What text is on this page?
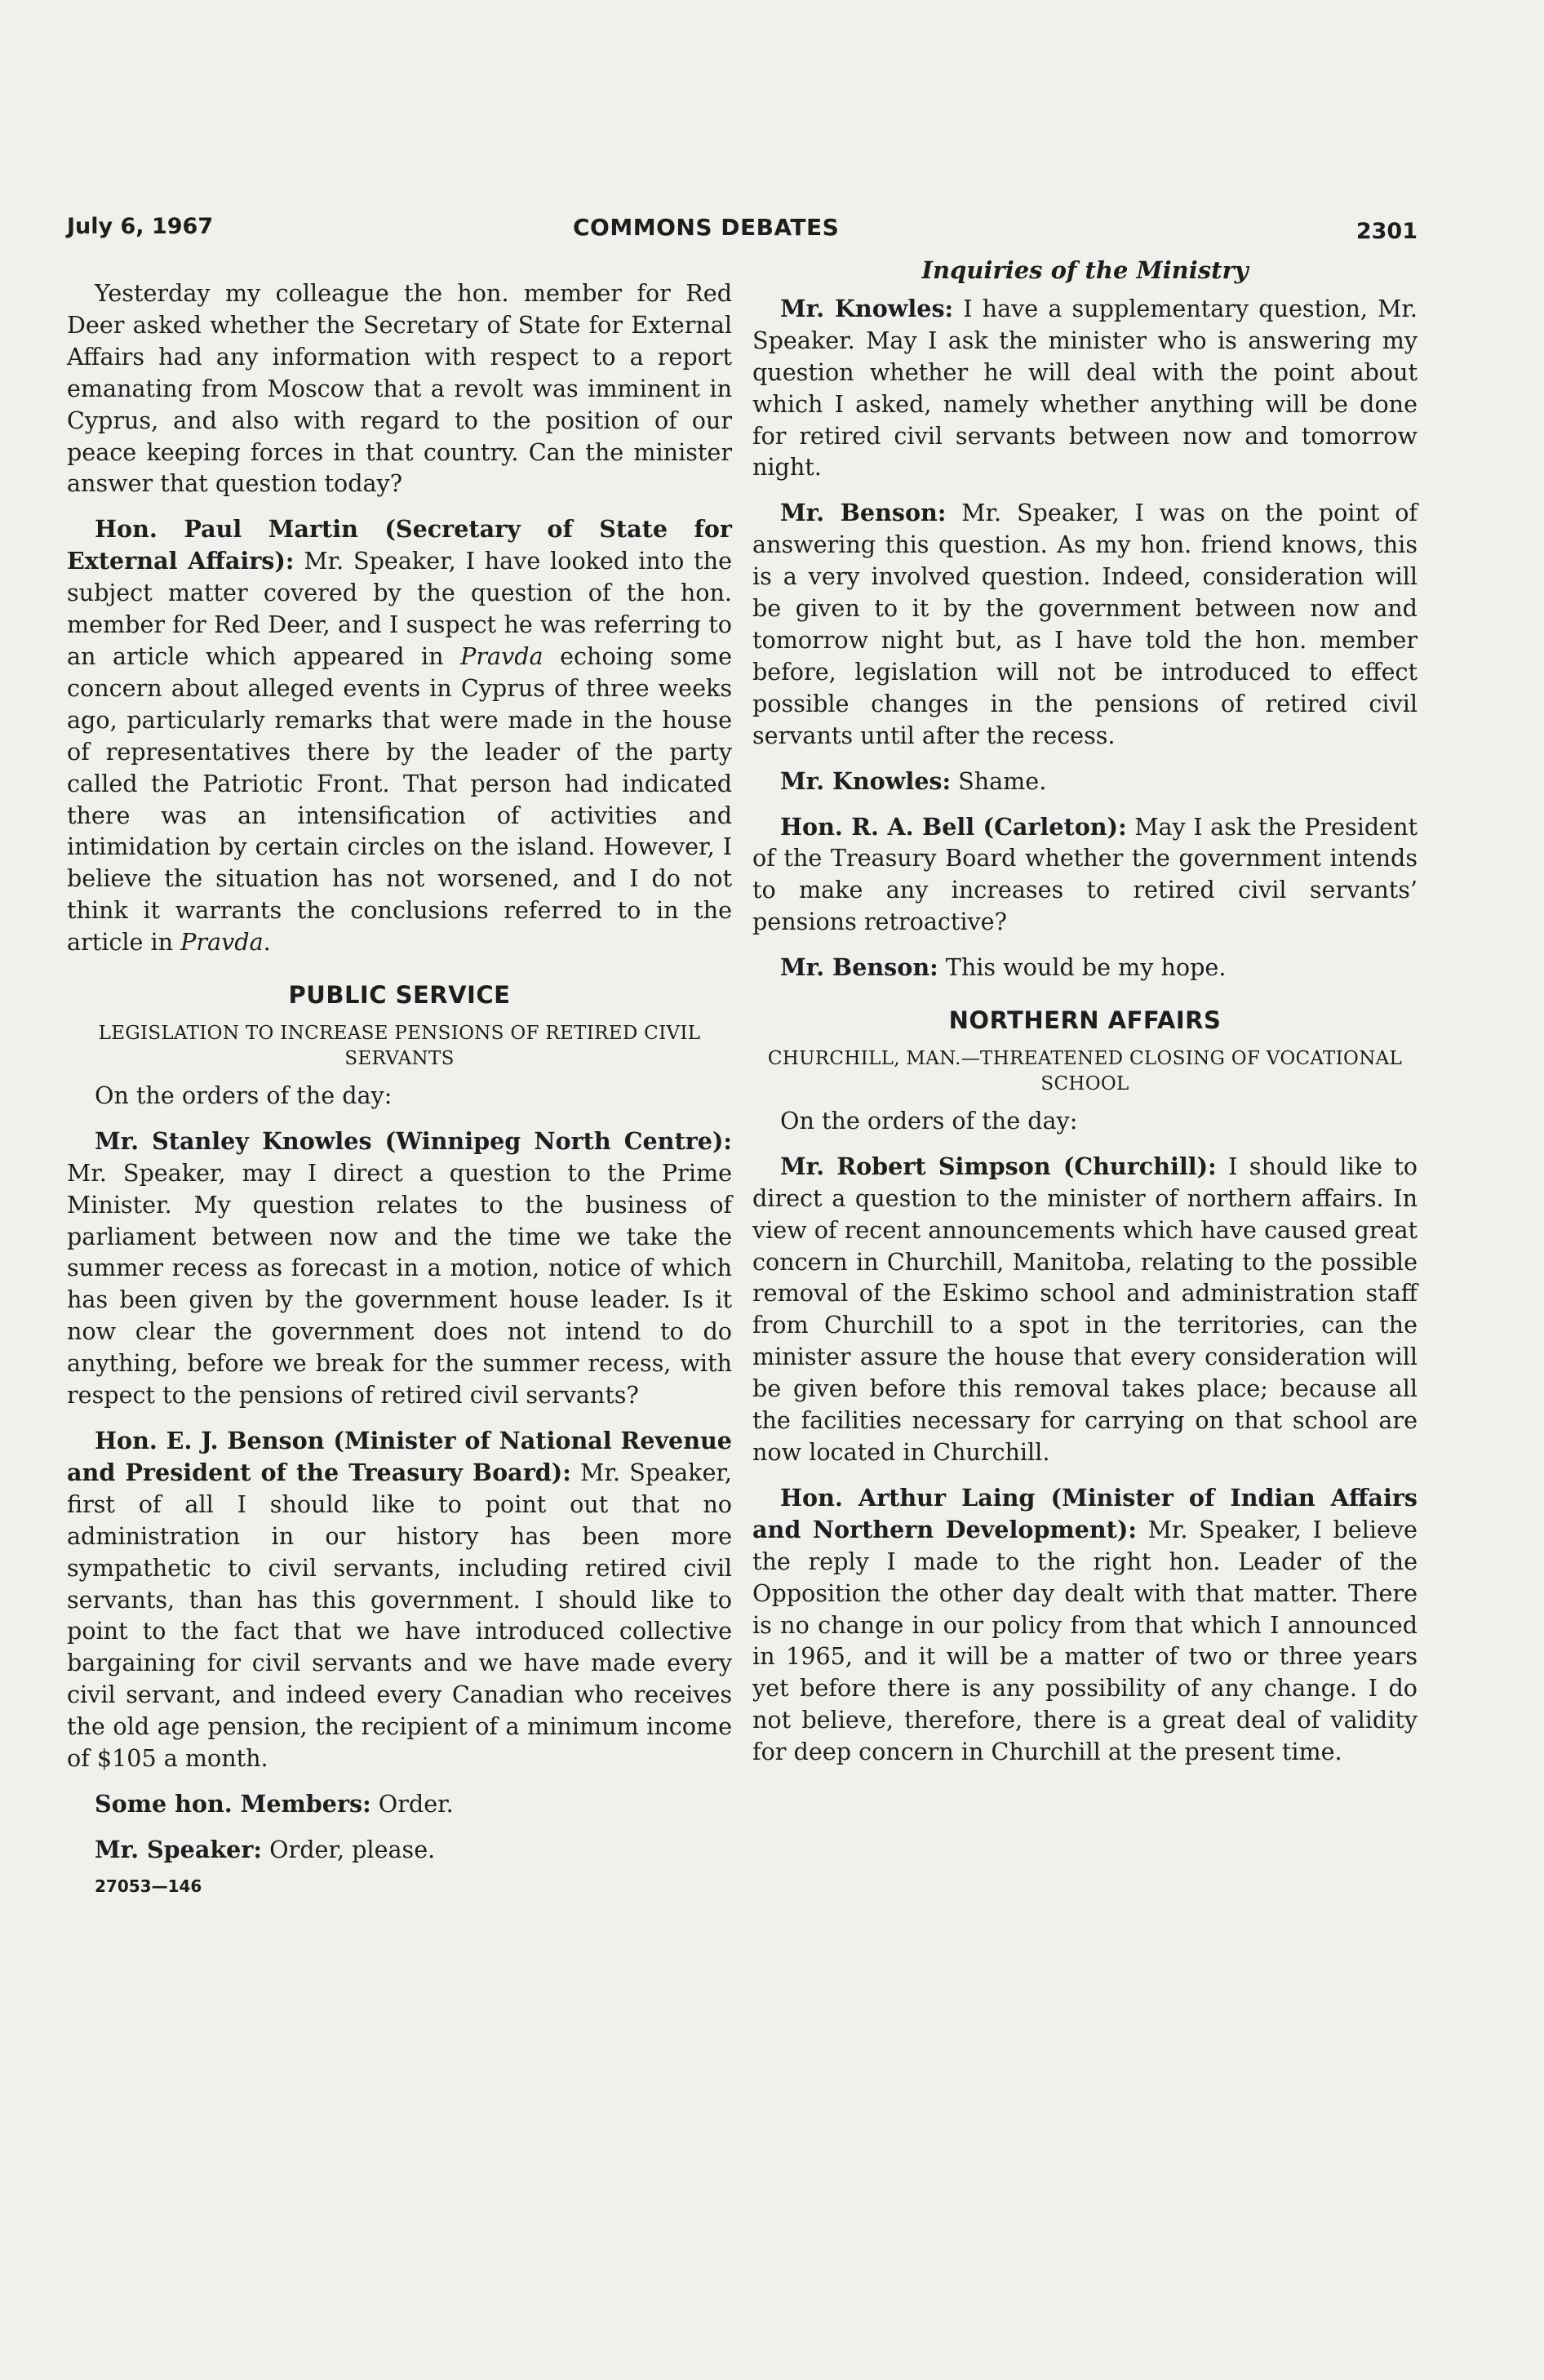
July 6, 1967	COMMONS DEBATES	2301

Yesterday my colleague the hon. member for Red Deer asked whether the Secretary of State for External Affairs had any information with respect to a report emanating from Moscow that a revolt was imminent in Cyprus, and also with regard to the position of our peace keeping forces in that country. Can the minister answer that question today?

Hon. Paul Martin (Secretary of State for External Affairs): Mr. Speaker, I have looked into the subject matter covered by the question of the hon. member for Red Deer, and I suspect he was referring to an article which appeared in Pravda echoing some concern about alleged events in Cyprus of three weeks ago, particularly remarks that were made in the house of representatives there by the leader of the party called the Patriotic Front. That person had indicated there was an intensification of activities and intimidation by certain circles on the island. However, I believe the situation has not worsened, and I do not think it warrants the conclusions referred to in the article in Pravda.

PUBLIC SERVICE
LEGISLATION TO INCREASE PENSIONS OF RETIRED CIVIL SERVANTS

On the orders of the day:

Mr. Stanley Knowles (Winnipeg North Centre): Mr. Speaker, may I direct a question to the Prime Minister. My question relates to the business of parliament between now and the time we take the summer recess as forecast in a motion, notice of which has been given by the government house leader. Is it now clear the government does not intend to do anything, before we break for the summer recess, with respect to the pensions of retired civil servants?

Hon. E. J. Benson (Minister of National Revenue and President of the Treasury Board): Mr. Speaker, first of all I should like to point out that no administration in our history has been more sympathetic to civil servants, including retired civil servants, than has this government. I should like to point to the fact that we have introduced collective bargaining for civil servants and we have made every civil servant, and indeed every Canadian who receives the old age pension, the recipient of a minimum income of $105 a month.

Some hon. Members: Order.

Mr. Speaker: Order, please.

27053—146
Inquiries of the Ministry

Mr. Knowles: I have a supplementary question, Mr. Speaker. May I ask the minister who is answering my question whether he will deal with the point about which I asked, namely whether anything will be done for retired civil servants between now and tomorrow night.

Mr. Benson: Mr. Speaker, I was on the point of answering this question. As my hon. friend knows, this is a very involved question. Indeed, consideration will be given to it by the government between now and tomorrow night but, as I have told the hon. member before, legislation will not be introduced to effect possible changes in the pensions of retired civil servants until after the recess.

Mr. Knowles: Shame.

Hon. R. A. Bell (Carleton): May I ask the President of the Treasury Board whether the government intends to make any increases to retired civil servants’ pensions retroactive?

Mr. Benson: This would be my hope.

NORTHERN AFFAIRS
CHURCHILL, MAN.—THREATENED CLOSING OF VOCATIONAL SCHOOL

On the orders of the day:

Mr. Robert Simpson (Churchill): I should like to direct a question to the minister of northern affairs. In view of recent announcements which have caused great concern in Churchill, Manitoba, relating to the possible removal of the Eskimo school and administration staff from Churchill to a spot in the territories, can the minister assure the house that every consideration will be given before this removal takes place; because all the facilities necessary for carrying on that school are now located in Churchill.

Hon. Arthur Laing (Minister of Indian Affairs and Northern Development): Mr. Speaker, I believe the reply I made to the right hon. Leader of the Opposition the other day dealt with that matter. There is no change in our policy from that which I announced in 1965, and it will be a matter of two or three years yet before there is any possibility of any change. I do not believe, therefore, there is a great deal of validity for deep concern in Churchill at the present time.
